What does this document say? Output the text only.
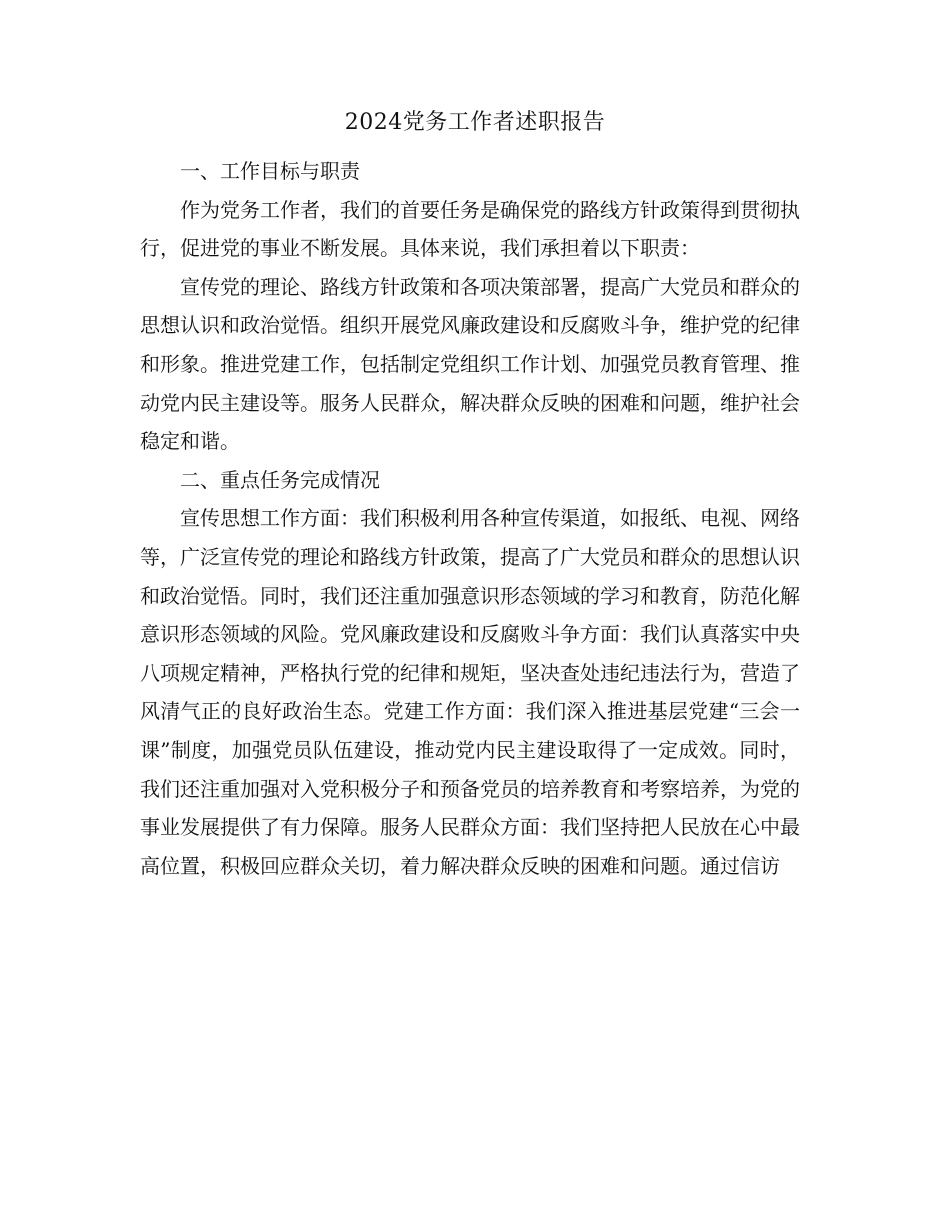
2024党务工作者述职报告

一、工作目标与职责

作为党务工作者，我们的首要任务是确保党的路线方针政策得到贯彻执行，促进党的事业不断发展。具体来说，我们承担着以下职责：

宣传党的理论、路线方针政策和各项决策部署，提高广大党员和群众的思想认识和政治觉悟。组织开展党风廉政建设和反腐败斗争，维护党的纪律和形象。推进党建工作，包括制定党组织工作计划、加强党员教育管理、推动党内民主建设等。服务人民群众，解决群众反映的困难和问题，维护社会稳定和谐。

二、重点任务完成情况

宣传思想工作方面：我们积极利用各种宣传渠道，如报纸、电视、网络等，广泛宣传党的理论和路线方针政策，提高了广大党员和群众的思想认识和政治觉悟。同时，我们还注重加强意识形态领域的学习和教育，防范化解意识形态领域的风险。党风廉政建设和反腐败斗争方面：我们认真落实中央八项规定精神，严格执行党的纪律和规矩，坚决查处违纪违法行为，营造了风清气正的良好政治生态。党建工作方面：我们深入推进基层党建“三会一课”制度，加强党员队伍建设，推动党内民主建设取得了一定成效。同时，我们还注重加强对入党积极分子和预备党员的培养教育和考察培养，为党的事业发展提供了有力保障。服务人民群众方面：我们坚持把人民放在心中最高位置，积极回应群众关切，着力解决群众反映的困难和问题。通过信访
